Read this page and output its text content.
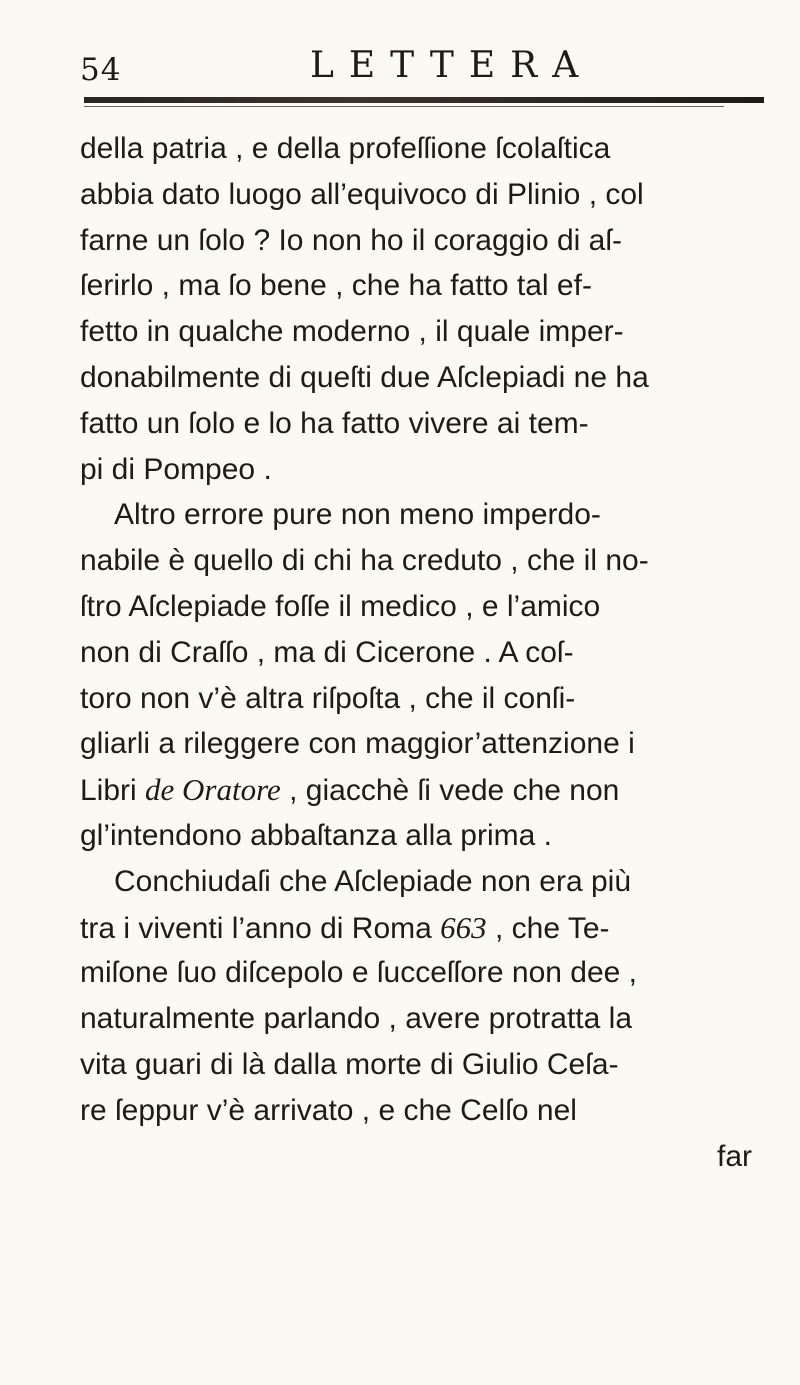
54	LETTERA
della patria , e della profeſſione ſcolaſtica
abbia dato luogo all’equivoco di Plinio , col
farne un ſolo ? Io non ho il coraggio di aſ-
ſerirlo , ma ſo bene , che ha fatto tal ef-
fetto in qualche moderno , il quale imper-
donabilmente di queſti due Aſclepiadi ne ha
fatto un ſolo e lo ha fatto vivere ai tem-
pi di Pompeo .
Altro errore pure non meno imperdo-
nabile è quello di chi ha creduto , che il no-
ſtro Aſclepiade foſſe il medico , e l’amico
non di Craſſo , ma di Cicerone . A coſ-
toro non v’è altra riſpoſta , che il conſi-
gliarli a rileggere con maggior’attenzione i
Libri de Oratore , giacchè ſi vede che non
gl’intendono abbaſtanza alla prima .
Conchiudaſi che Aſclepiade non era più
tra i viventi l’anno di Roma 663 , che Te-
miſone ſuo diſcepolo e ſucceſſore non dee ,
naturalmente parlando , avere protratta la
vita guari di là dalla morte di Giulio Ceſa-
re ſeppur v’è arrivato , e che Celſo nel
far
